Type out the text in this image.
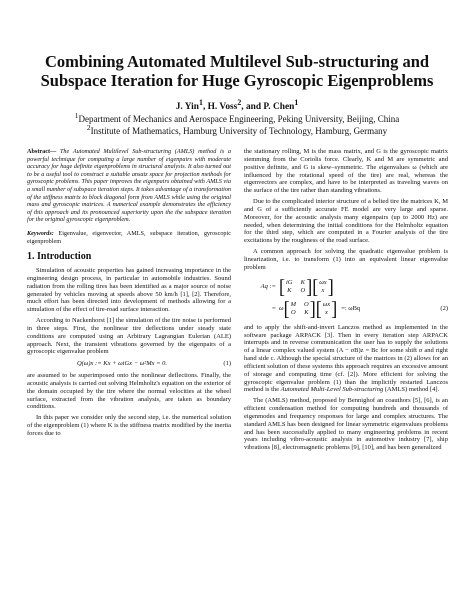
Combining Automated Multilevel Sub-structuring and Subspace Iteration for Huge Gyroscopic Eigenproblems
J. Yin$^1$, H. Voss$^2$, and P. Chen$^1$
$^1$Department of Mechanics and Aerospace Engineering, Peking University, Beijing, China
$^2$Institute of Mathematics, Hamburg University of Technology, Hamburg, Germany

Abstract— The Automated Multilevel Sub-structuring (AMLS) method is a powerful technique for computing a large number of eigenpairs with moderate accuracy for huge definite eigenproblems in structural analysis. It also turned out to be a useful tool to construct a suitable ansatz space for projection methods for gyroscopic problems. This paper improves the eigenpairs obtained with AMLS via a small number of subspace iteration steps. It takes advantage of a transformation of the stiffness matrix to block diagonal form from AMLS while using the original mass and gyroscopic matrices. A numerical example demonstrates the efficiency of this approach and its pronounced superiority upon the the subspace iteration for the original gyroscopic eigenproblem.

Keywords: Eigenvalue, eigenvector, AMLS, subspace iteration, gyroscopic eigenproblem

1. Introduction

Simulation of acoustic properties has gained increasing importance in the engineering design process, in particular in automobile industries. Sound radiation from the rolling tires has been identified as a major source of noise generated by vehicles moving at speeds above 50 km/h [1], [2]. Therefore, much effort has been directed into development of methods allowing for a simulation of the effect of tire-road surface interaction.

According to Nackenhorst [1] the simulation of the tire noise is performed in three steps. First, the nonlinear tire deflections under steady state conditions are computed using an Arbitrary Lagrangian Eulerian (ALE) approach. Next, the transient vibrations governed by the eigenpairs of a gyroscopic eigenvalue problem

Q(ω)x := Kx + ωiGx − ω²Mx = 0.	(1)

are assumed to be superimposed onto the nonlinear deflections. Finally, the acoustic analysis is carried out solving Helmholtz's equation on the exterior of the domain occupied by the tire where the normal velocities at the wheel surface, extracted from the vibration analysis, are taken as boundary conditions.

In this paper we consider only the second step, i.e. the numerical solution of the eigenproblem (1) where K is the stiffness matrix modified by the inertia forces due to

the stationary rolling, M is the mass matrix, and G is the gyroscopic matrix stemming from the Coriolis force. Clearly, K and M are symmetric and positive definite, and G is skew–symmetric. The eigenvalues ω (which are influenced by the rotational speed of the tire) are real, whereas the eigenvectors are complex, and have to be interpreted as traveling waves on the surface of the tire rather than standing vibrations.

Due to the complicated interior structure of a belted tire the matrices K, M and G of a sufficiently accurate FE model are very large and sparse. Moreover, for the acoustic analysis many eigenpairs (up to 2000 Hz) are needed, when determining the initial conditions for the Helmholtz equation for the third step, which are computed in a Fourier analysis of the tire excitations by the roughness of the road surface.

A common approach for solving the quadratic eigenvalue problem is linearization, i.e. to transform (1) into an equivalent linear eigenvalue problem

Aq := [ iG K
K O ] [ ωx
x ]
= ω [ M O
O K ] [ ωx
x ] =: ωBq	(2)

and to apply the shift-and-invert Lanczos method as implemented in the software package ARPACK [3]. Then in every iteration step ARPACK interrupts and in reverse communication the user has to supply the solutions of a linear complex valued system (A − σB)z = Bc for some shift σ and right hand side c. Although the special structure of the matrices in (2) allows for an efficient solution of these systems this approach requires an excessive amount of storage and computing time (cf. [2]). More efficient for solving the gyroscopic eigenvalue problem (1) than the implicitly restarted Lanczos method is the Automated Multi-Level Sub-structuring (AMLS) method [4].

The (AMLS) method, proposed by Bennighof an coauthors [5], [6], is an efficient condensation method for computing hundreds and thousands of eigenmodes and frequency responses for large and complex structures. The standard AMLS has been designed for linear symmetric eigenvalues problems and has been successfully applied to many engineering problems in recent years including vibro-acoustic analysis in automotive industry [7], ship vibrations [8], electromagnetic problems [9], [10], and has been generalized
